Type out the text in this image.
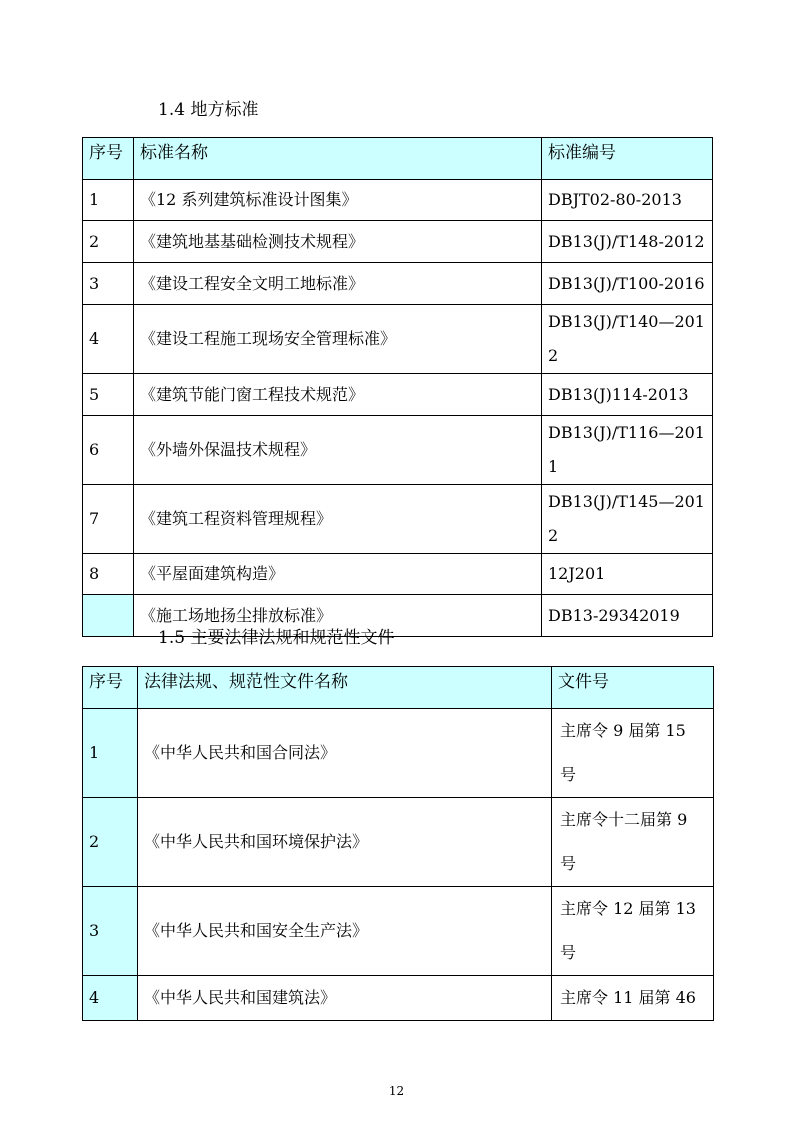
1.4 地方标准
序号	标准名称	标准编号
1	《12 系列建筑标准设计图集》	DBJT02-80-2013
2	《建筑地基基础检测技术规程》	DB13(J)/T148-2012
3	《建设工程安全文明工地标准》	DB13(J)/T100-2016
4	《建设工程施工现场安全管理标准》	DB13(J)/T140—2012
5	《建筑节能门窗工程技术规范》	DB13(J)114-2013
6	《外墙外保温技术规程》	DB13(J)/T116—2011
7	《建筑工程资料管理规程》	DB13(J)/T145—2012
8	《平屋面建筑构造》	12J201
	《施工场地扬尘排放标准》	DB13-29342019
1.5 主要法律法规和规范性文件
序号	法律法规、规范性文件名称	文件号
1	《中华人民共和国合同法》	主席令 9 届第 15 号
2	《中华人民共和国环境保护法》	主席令十二届第 9 号
3	《中华人民共和国安全生产法》	主席令 12 届第 13 号
4	《中华人民共和国建筑法》	主席令 11 届第 46
12
